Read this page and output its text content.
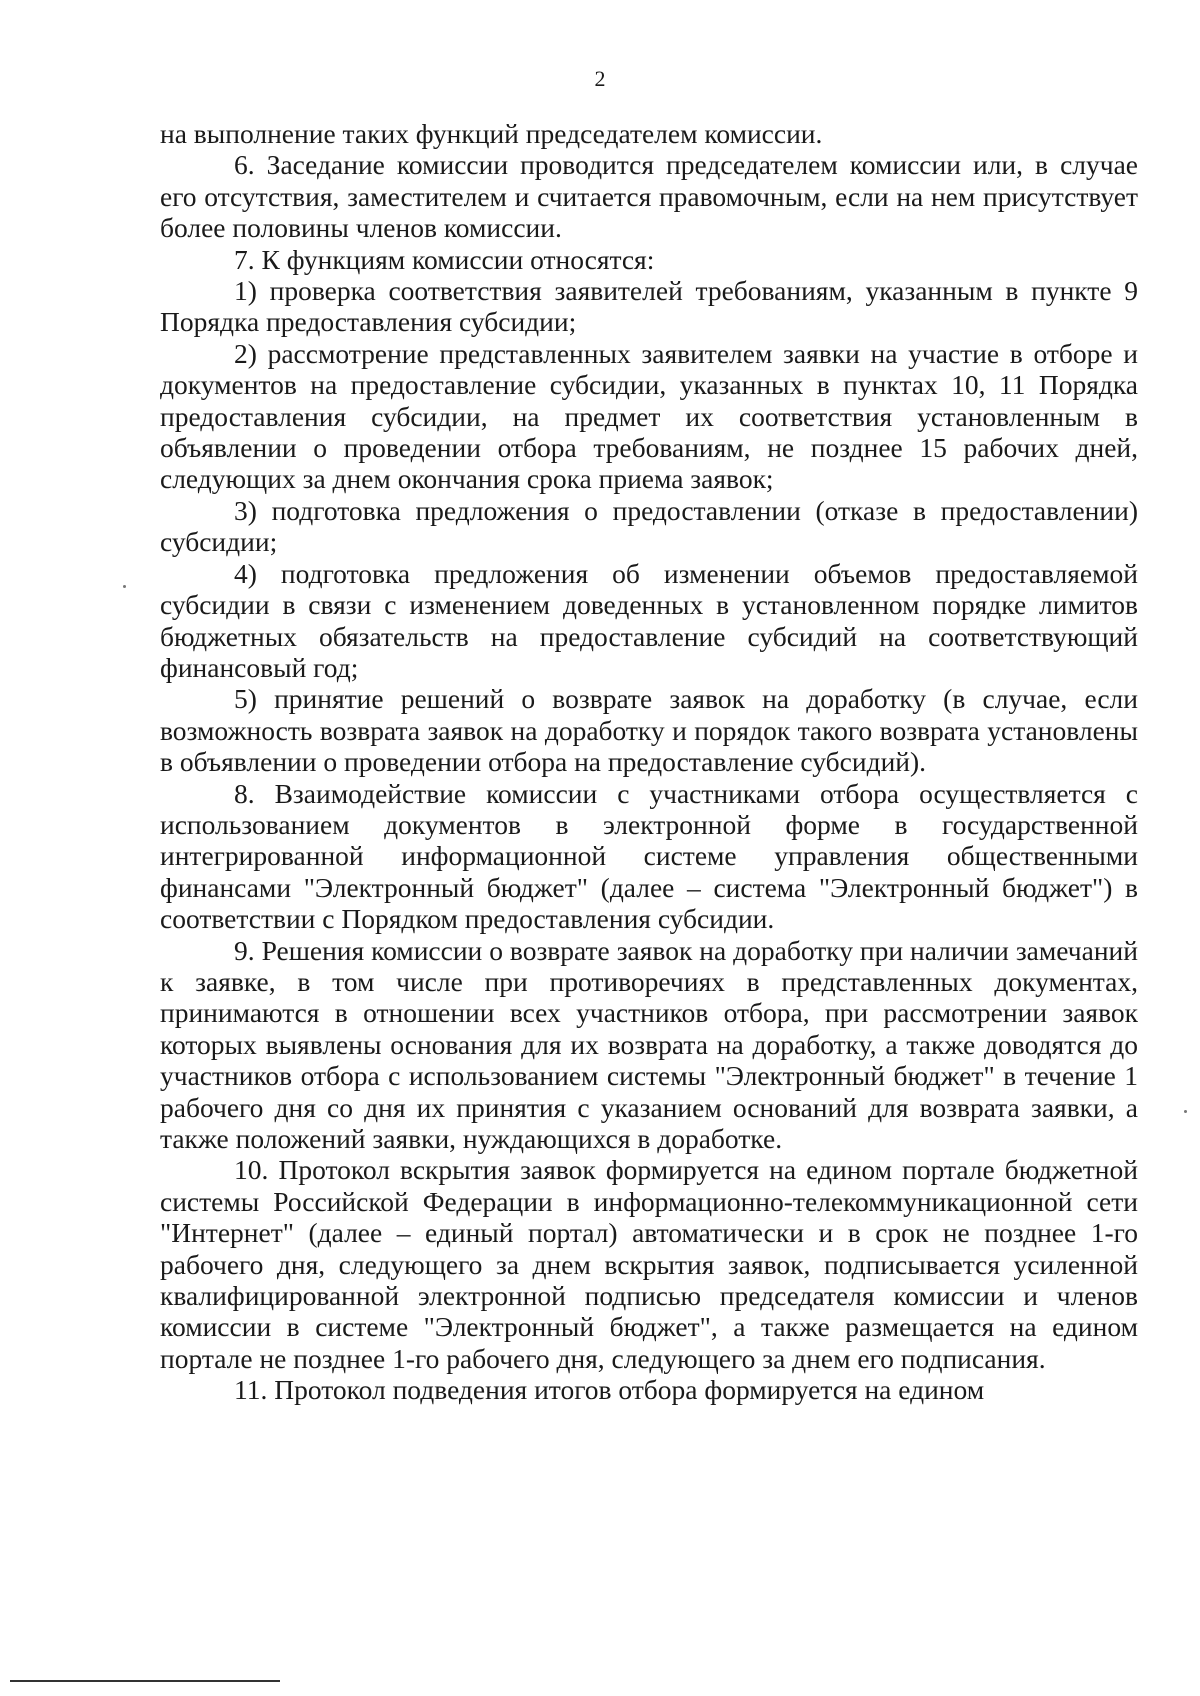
2

на выполнение таких функций председателем комиссии.

6. Заседание комиссии проводится председателем комиссии или, в случае его отсутствия, заместителем и считается правомочным, если на нем присутствует более половины членов комиссии.

7. К функциям комиссии относятся:

1) проверка соответствия заявителей требованиям, указанным в пункте 9 Порядка предоставления субсидии;

2) рассмотрение представленных заявителем заявки на участие в отборе и документов на предоставление субсидии, указанных в пунктах 10, 11 Порядка предоставления субсидии, на предмет их соответствия установленным в объявлении о проведении отбора требованиям, не позднее 15 рабочих дней, следующих за днем окончания срока приема заявок;

3) подготовка предложения о предоставлении (отказе в предоставлении) субсидии;

4) подготовка предложения об изменении объемов предоставляемой субсидии в связи с изменением доведенных в установленном порядке лимитов бюджетных обязательств на предоставление субсидий на соответствующий финансовый год;

5) принятие решений о возврате заявок на доработку (в случае, если возможность возврата заявок на доработку и порядок такого возврата установлены в объявлении о проведении отбора на предоставление субсидий).

8. Взаимодействие комиссии с участниками отбора осуществляется с использованием документов в электронной форме в государственной интегрированной информационной системе управления общественными финансами "Электронный бюджет" (далее – система "Электронный бюджет") в соответствии с Порядком предоставления субсидии.

9. Решения комиссии о возврате заявок на доработку при наличии замечаний к заявке, в том числе при противоречиях в представленных документах, принимаются в отношении всех участников отбора, при рассмотрении заявок которых выявлены основания для их возврата на доработку, а также доводятся до участников отбора с использованием системы "Электронный бюджет" в течение 1 рабочего дня со дня их принятия с указанием оснований для возврата заявки, а также положений заявки, нуждающихся в доработке.

10. Протокол вскрытия заявок формируется на едином портале бюджетной системы Российской Федерации в информационно-телекоммуникационной сети "Интернет" (далее – единый портал) автоматически и в срок не позднее 1-го рабочего дня, следующего за днем вскрытия заявок, подписывается усиленной квалифицированной электронной подписью председателя комиссии и членов комиссии в системе "Электронный бюджет", а также размещается на едином портале не позднее 1-го рабочего дня, следующего за днем его подписания.

11. Протокол подведения итогов отбора формируется на едином
